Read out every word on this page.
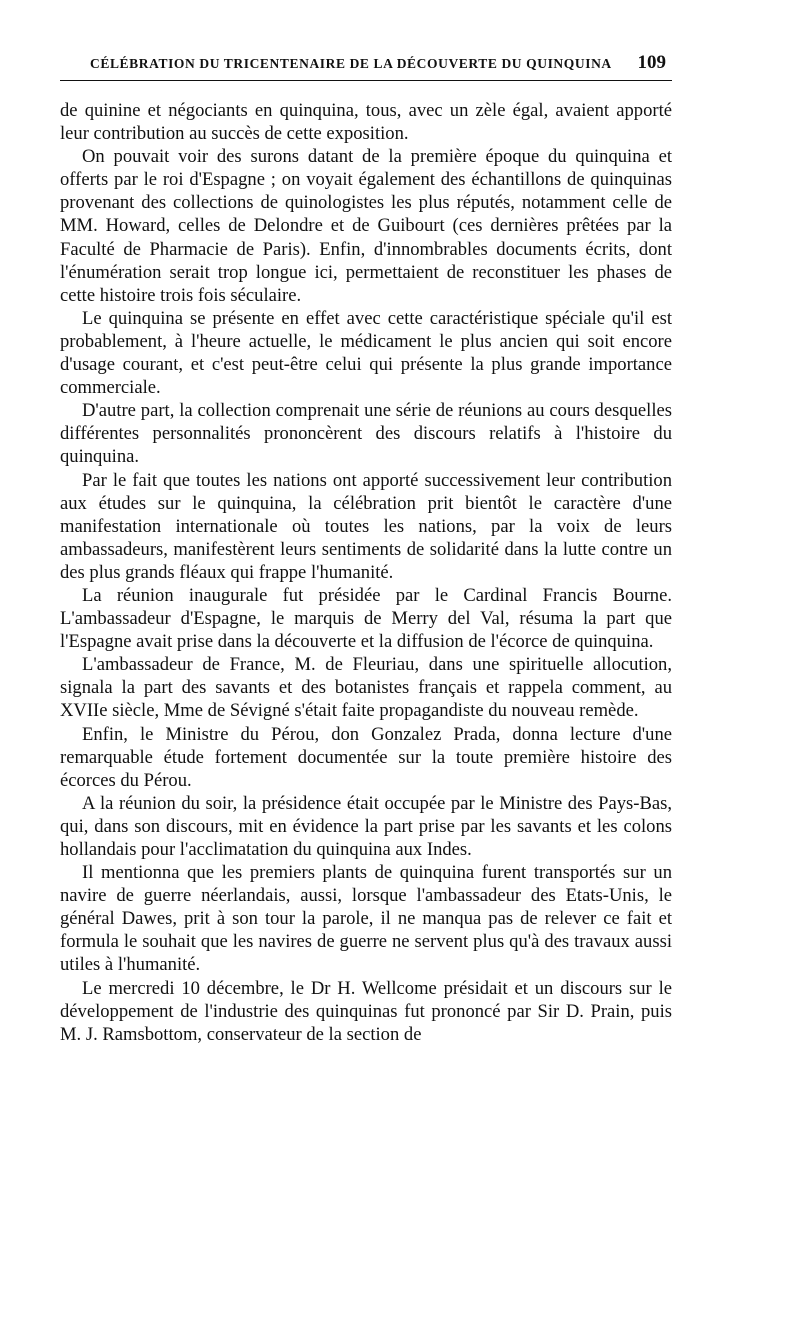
CÉLÉBRATION DU TRICENTENAIRE DE LA DÉCOUVERTE DU QUINQUINA 109

de quinine et négociants en quinquina, tous, avec un zèle égal, avaient apporté leur contribution au succès de cette exposition.

On pouvait voir des surons datant de la première époque du quinquina et offerts par le roi d'Espagne ; on voyait également des échantillons de quinquinas provenant des collections de quinologistes les plus réputés, notamment celle de MM. Howard, celles de Delondre et de Guibourt (ces dernières prêtées par la Faculté de Pharmacie de Paris). Enfin, d'innombrables documents écrits, dont l'énumération serait trop longue ici, permettaient de reconstituer les phases de cette histoire trois fois séculaire.

Le quinquina se présente en effet avec cette caractéristique spéciale qu'il est probablement, à l'heure actuelle, le médicament le plus ancien qui soit encore d'usage courant, et c'est peut-être celui qui présente la plus grande importance commerciale.

D'autre part, la collection comprenait une série de réunions au cours desquelles différentes personnalités prononcèrent des discours relatifs à l'histoire du quinquina.

Par le fait que toutes les nations ont apporté successivement leur contribution aux études sur le quinquina, la célébration prit bientôt le caractère d'une manifestation internationale où toutes les nations, par la voix de leurs ambassadeurs, manifestèrent leurs sentiments de solidarité dans la lutte contre un des plus grands fléaux qui frappe l'humanité.

La réunion inaugurale fut présidée par le Cardinal Francis Bourne. L'ambassadeur d'Espagne, le marquis de Merry del Val, résuma la part que l'Espagne avait prise dans la découverte et la diffusion de l'écorce de quinquina.

L'ambassadeur de France, M. de Fleuriau, dans une spirituelle allocution, signala la part des savants et des botanistes français et rappela comment, au XVIIe siècle, Mme de Sévigné s'était faite propagandiste du nouveau remède.

Enfin, le Ministre du Pérou, don Gonzalez Prada, donna lecture d'une remarquable étude fortement documentée sur la toute première histoire des écorces du Pérou.

A la réunion du soir, la présidence était occupée par le Ministre des Pays-Bas, qui, dans son discours, mit en évidence la part prise par les savants et les colons hollandais pour l'acclimatation du quinquina aux Indes.

Il mentionna que les premiers plants de quinquina furent transportés sur un navire de guerre néerlandais, aussi, lorsque l'ambassadeur des Etats-Unis, le général Dawes, prit à son tour la parole, il ne manqua pas de relever ce fait et formula le souhait que les navires de guerre ne servent plus qu'à des travaux aussi utiles à l'humanité.

Le mercredi 10 décembre, le Dr H. Wellcome présidait et un discours sur le développement de l'industrie des quinquinas fut prononcé par Sir D. Prain, puis M. J. Ramsbottom, conservateur de la section de
